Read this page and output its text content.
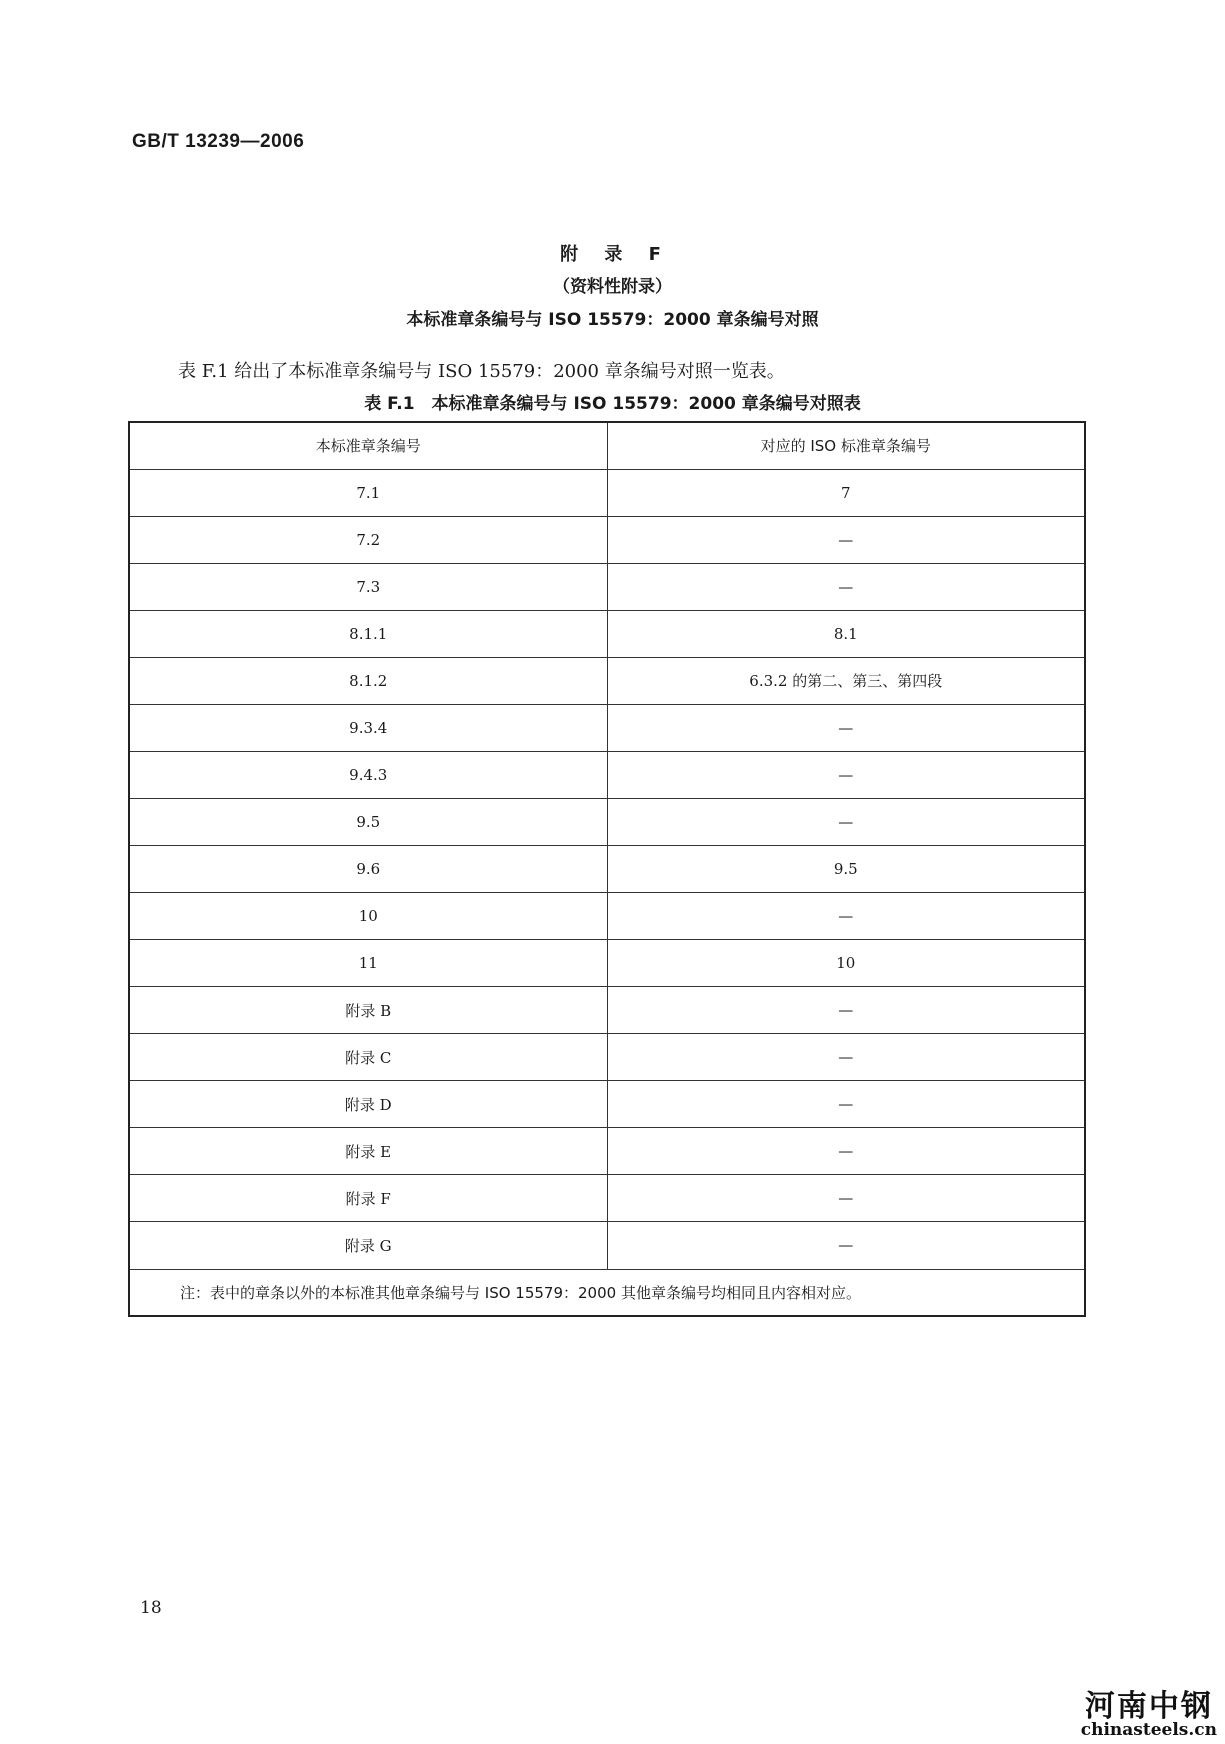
GB/T 13239—2006
附 录 F
（资料性附录）
本标准章条编号与 ISO 15579：2000 章条编号对照
表 F.1 给出了本标准章条编号与 ISO 15579：2000 章条编号对照一览表。
表 F.1　本标准章条编号与 ISO 15579：2000 章条编号对照表
本标准章条编号	对应的 ISO 标准章条编号
7.1	7
7.2	—
7.3	—
8.1.1	8.1
8.1.2	6.3.2 的第二、第三、第四段
9.3.4	—
9.4.3	—
9.5	—
9.6	9.5
10	—
11	10
附录 B	—
附录 C	—
附录 D	—
附录 E	—
附录 F	—
附录 G	—
注：表中的章条以外的本标准其他章条编号与 ISO 15579：2000 其他章条编号均相同且内容相对应。	
18
河南中钢
chinasteels.cn
